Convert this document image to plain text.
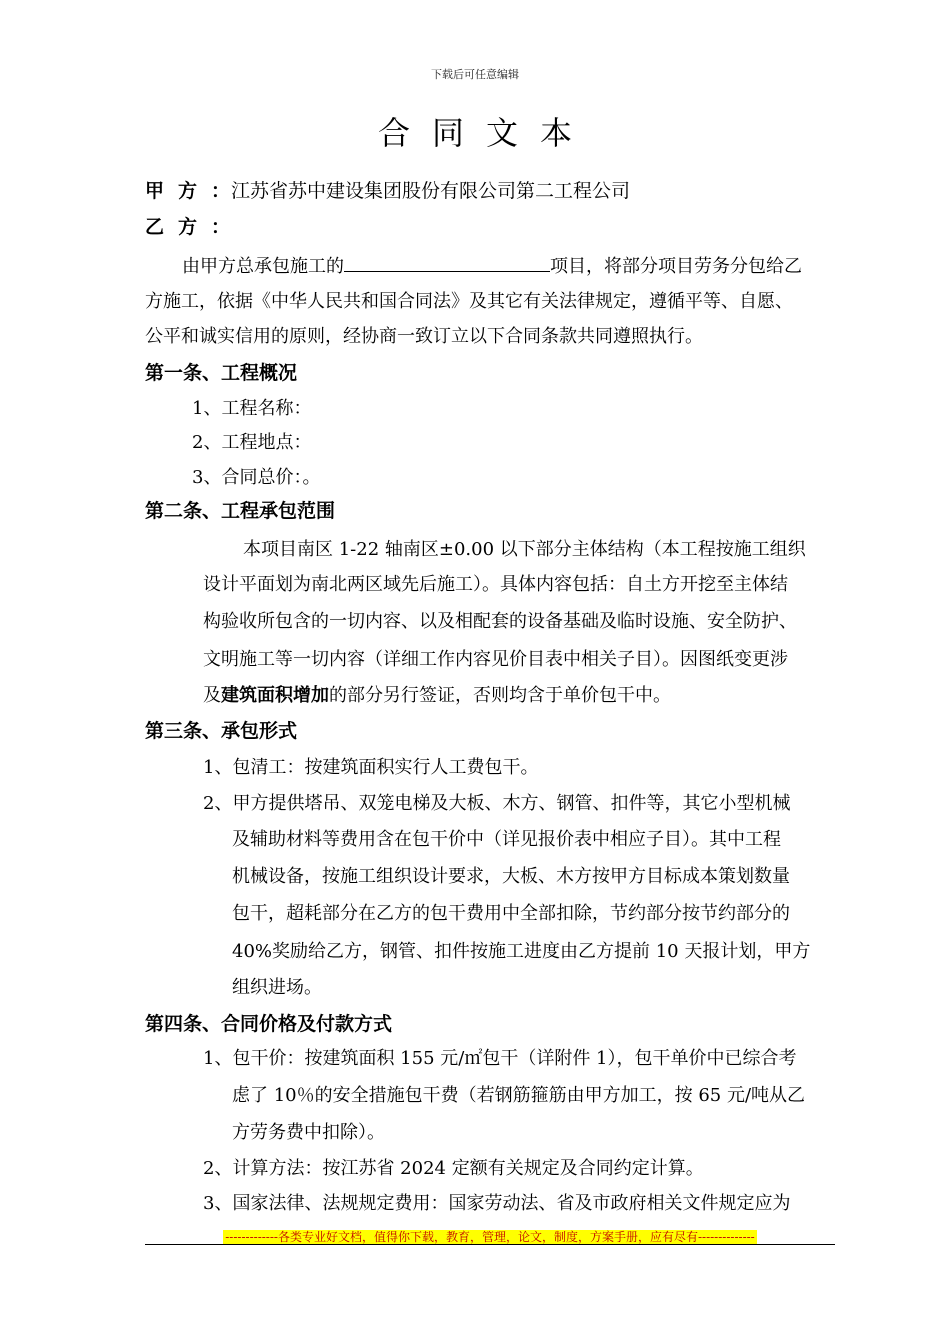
下载后可任意编辑
合同文本
甲方：江苏省苏中建设集团股份有限公司第二工程公司
乙方：
由甲方总承包施工的	项目，将部分项目劳务分包给乙
方施工，依据《中华人民共和国合同法》及其它有关法律规定，遵循平等、自愿、
公平和诚实信用的原则，经协商一致订立以下合同条款共同遵照执行。
第一条、工程概况
1、工程名称：
2、工程地点：
3、合同总价：。
第二条、工程承包范围
本项目南区 1-22 轴南区±0.00 以下部分主体结构（本工程按施工组织
设计平面划为南北两区域先后施工）。具体内容包括：自土方开挖至主体结
构验收所包含的一切内容、以及相配套的设备基础及临时设施、安全防护、
文明施工等一切内容（详细工作内容见价目表中相关子目）。因图纸变更涉
及建筑面积增加的部分另行签证，否则均含于单价包干中。
第三条、承包形式
1、包清工：按建筑面积实行人工费包干。
2、甲方提供塔吊、双笼电梯及大板、木方、钢管、扣件等，其它小型机械
及辅助材料等费用含在包干价中（详见报价表中相应子目）。其中工程
机械设备，按施工组织设计要求，大板、木方按甲方目标成本策划数量
包干，超耗部分在乙方的包干费用中全部扣除，节约部分按节约部分的
40%奖励给乙方，钢管、扣件按施工进度由乙方提前 10 天报计划，甲方
组织进场。
第四条、合同价格及付款方式
1、包干价：按建筑面积 155 元/㎡包干（详附件 1），包干单价中已综合考
虑了 10％的安全措施包干费（若钢筋箍筋由甲方加工，按 65 元/吨从乙
方劳务费中扣除）。
2、计算方法：按江苏省 2024 定额有关规定及合同约定计算。
3、国家法律、法规规定费用：国家劳动法、省及市政府相关文件规定应为
-------------各类专业好文档，值得你下载，教育，管理，论文，制度，方案手册，应有尽有--------------
